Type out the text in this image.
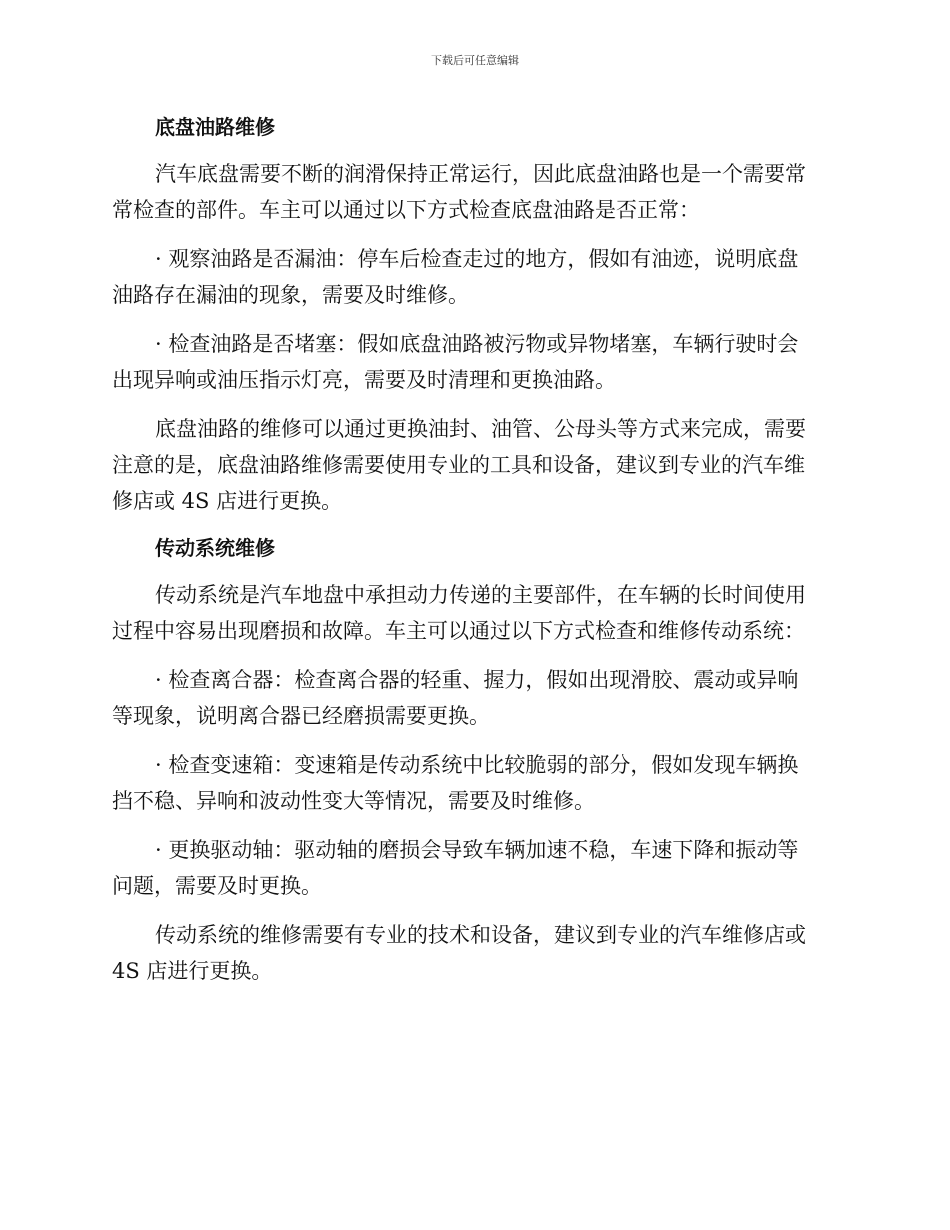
下载后可任意编辑
底盘油路维修
汽车底盘需要不断的润滑保持正常运行，因此底盘油路也是一个需要常
常检查的部件。车主可以通过以下方式检查底盘油路是否正常：
· 观察油路是否漏油：停车后检查走过的地方，假如有油迹，说明底盘
油路存在漏油的现象，需要及时维修。
· 检查油路是否堵塞：假如底盘油路被污物或异物堵塞，车辆行驶时会
出现异响或油压指示灯亮，需要及时清理和更换油路。
底盘油路的维修可以通过更换油封、油管、公母头等方式来完成，需要
注意的是，底盘油路维修需要使用专业的工具和设备，建议到专业的汽车维
修店或 4S 店进行更换。
传动系统维修
传动系统是汽车地盘中承担动力传递的主要部件，在车辆的长时间使用
过程中容易出现磨损和故障。车主可以通过以下方式检查和维修传动系统：
· 检查离合器：检查离合器的轻重、握力，假如出现滑胶、震动或异响
等现象，说明离合器已经磨损需要更换。
· 检查变速箱：变速箱是传动系统中比较脆弱的部分，假如发现车辆换
挡不稳、异响和波动性变大等情况，需要及时维修。
· 更换驱动轴：驱动轴的磨损会导致车辆加速不稳，车速下降和振动等
问题，需要及时更换。
传动系统的维修需要有专业的技术和设备，建议到专业的汽车维修店或
4S 店进行更换。
